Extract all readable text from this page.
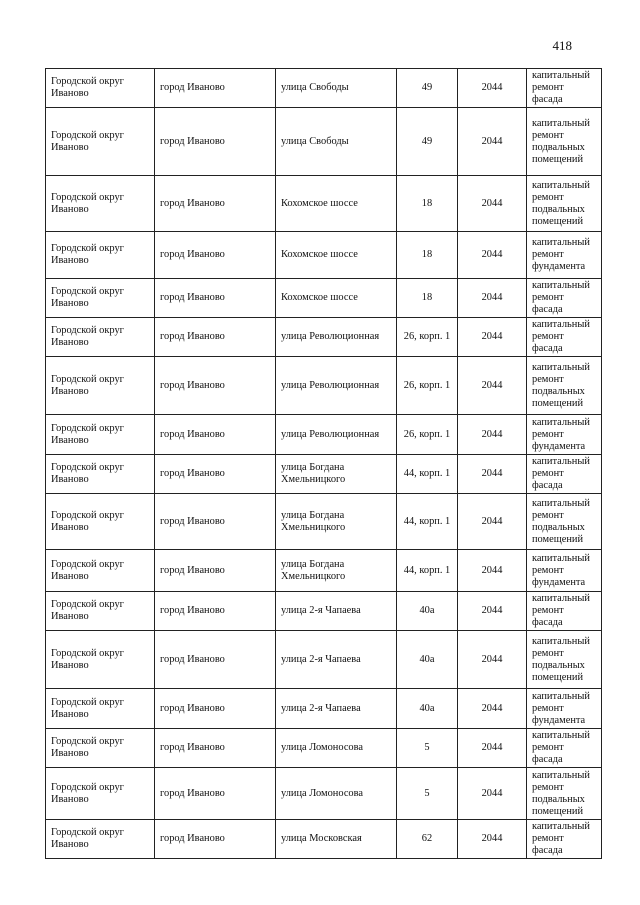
418
Городской округ Иваново	город Иваново	улица Свободы	49	2044	капитальный ремонт фасада
Городской округ Иваново	город Иваново	улица Свободы	49	2044	капитальный ремонт подвальных помещений
Городской округ Иваново	город Иваново	Кохомское шоссе	18	2044	капитальный ремонт подвальных помещений
Городской округ Иваново	город Иваново	Кохомское шоссе	18	2044	капитальный ремонт фундамента
Городской округ Иваново	город Иваново	Кохомское шоссе	18	2044	капитальный ремонт фасада
Городской округ Иваново	город Иваново	улица Революционная	26, корп. 1	2044	капитальный ремонт фасада
Городской округ Иваново	город Иваново	улица Революционная	26, корп. 1	2044	капитальный ремонт подвальных помещений
Городской округ Иваново	город Иваново	улица Революционная	26, корп. 1	2044	капитальный ремонт фундамента
Городской округ Иваново	город Иваново	улица Богдана Хмельницкого	44, корп. 1	2044	капитальный ремонт фасада
Городской округ Иваново	город Иваново	улица Богдана Хмельницкого	44, корп. 1	2044	капитальный ремонт подвальных помещений
Городской округ Иваново	город Иваново	улица Богдана Хмельницкого	44, корп. 1	2044	капитальный ремонт фундамента
Городской округ Иваново	город Иваново	улица 2-я Чапаева	40а	2044	капитальный ремонт фасада
Городской округ Иваново	город Иваново	улица 2-я Чапаева	40а	2044	капитальный ремонт подвальных помещений
Городской округ Иваново	город Иваново	улица 2-я Чапаева	40а	2044	капитальный ремонт фундамента
Городской округ Иваново	город Иваново	улица Ломоносова	5	2044	капитальный ремонт фасада
Городской округ Иваново	город Иваново	улица Ломоносова	5	2044	капитальный ремонт подвальных помещений
Городской округ Иваново	город Иваново	улица Московская	62	2044	капитальный ремонт фасада
